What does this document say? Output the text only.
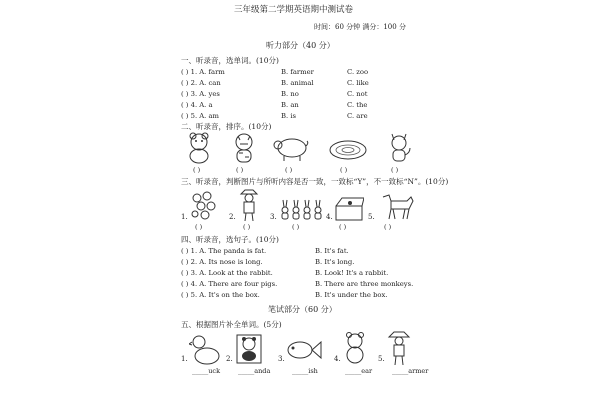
三年级第二学期英语期中测试卷
时间：60 分钟 满分：100 分
听力部分（40 分）
一、听录音，选单词。(10分)
( ) 1. A. farm	B. farmer	C. zoo
( ) 2. A. can	B. animal	C. like
( ) 3. A. yes	B. no	C. not
( ) 4. A. a	B. an	C. the
( ) 5. A. am	B. is	C. are
二、听录音，排序。(10分)
( )	( )	( )	( )	( )
三、听录音，判断图片与所听内容是否一致，一致标“Y”，不一致标“N”。(10分)
1.	2.	3.	4.	5.
( )	( )	( )	( )	( )
四、听录音，选句子。(10分)
( ) 1. A. The panda is fat.	B. It's fat.
( ) 2. A. Its nose is long.	B. It's long.
( ) 3. A. Look at the rabbit.	B. Look! It's a rabbit.
( ) 4. A. There are four pigs.	B. There are three monkeys.
( ) 5. A. It's on the box.	B. It's under the box.
笔试部分（60 分）
五、根据图片补全单词。(5分)
1.	2.	3.	4.	5.
_____uck	_____anda	_____ish	_____ear	_____armer
